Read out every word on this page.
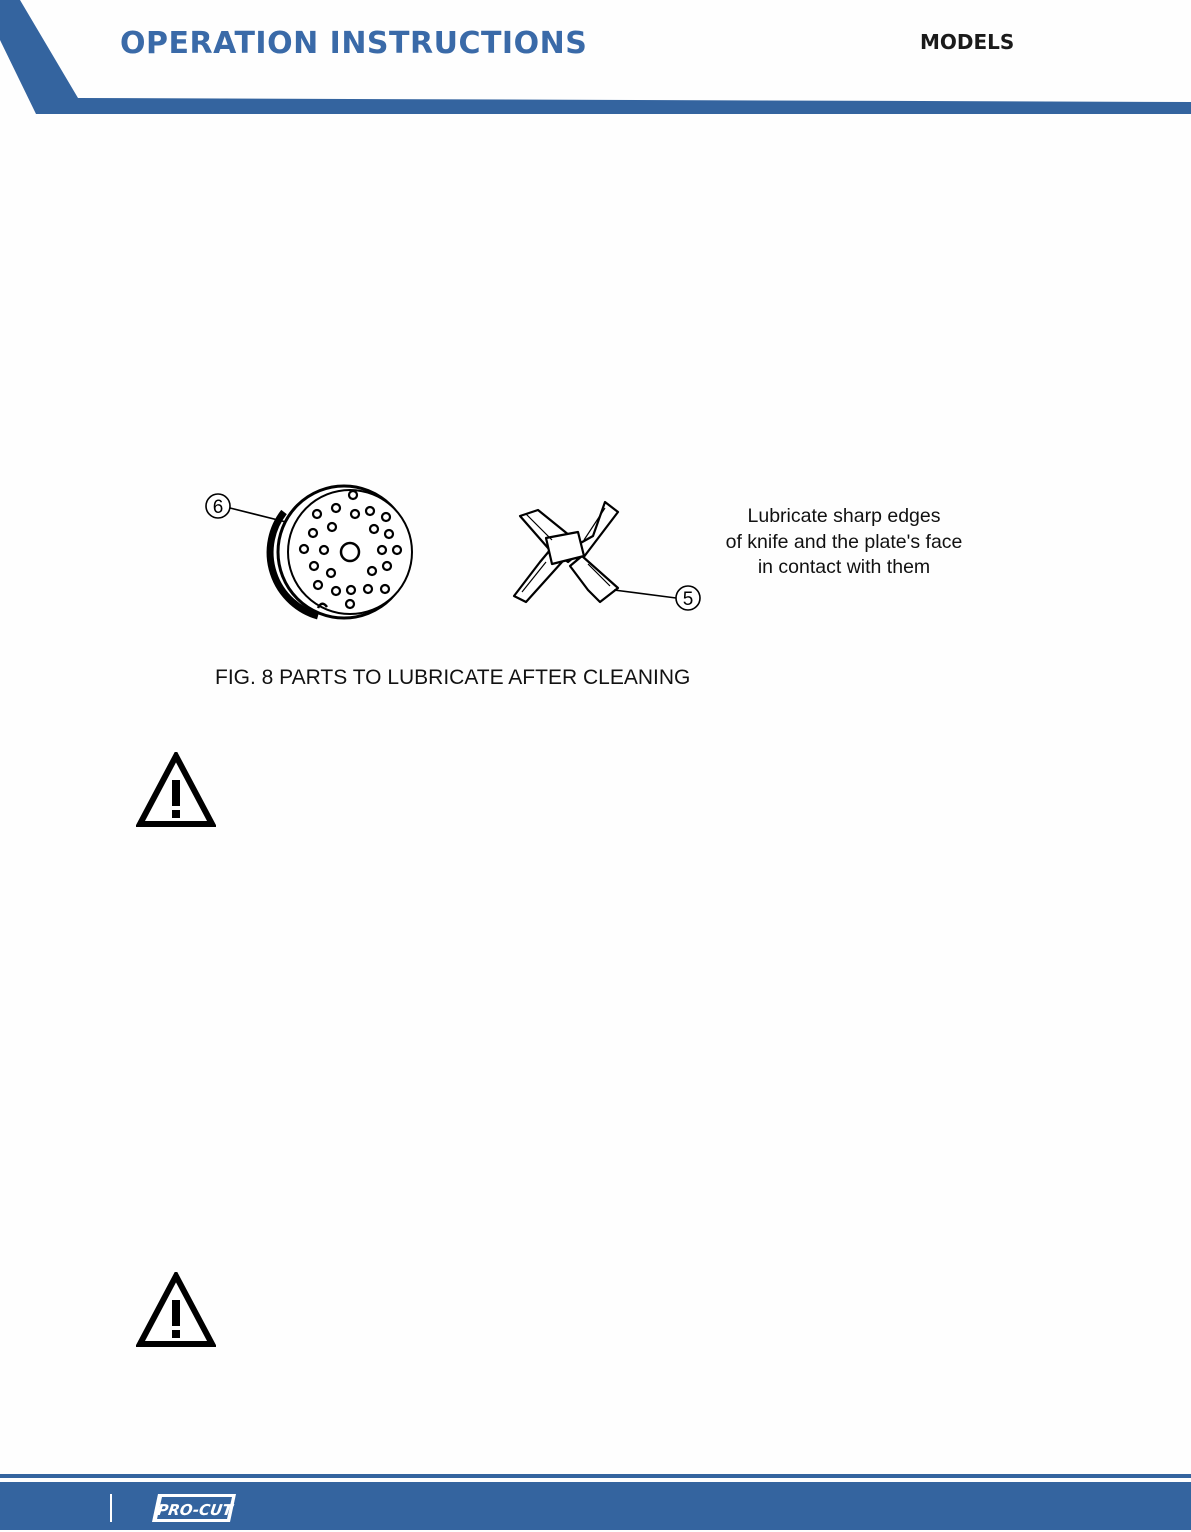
OPERATION INSTRUCTIONS	MODELS
6
5
Lubricate sharp edges
of knife and the plate's face
in contact with them
FIG. 8 PARTS TO LUBRICATE AFTER CLEANING
PRO-CUT
